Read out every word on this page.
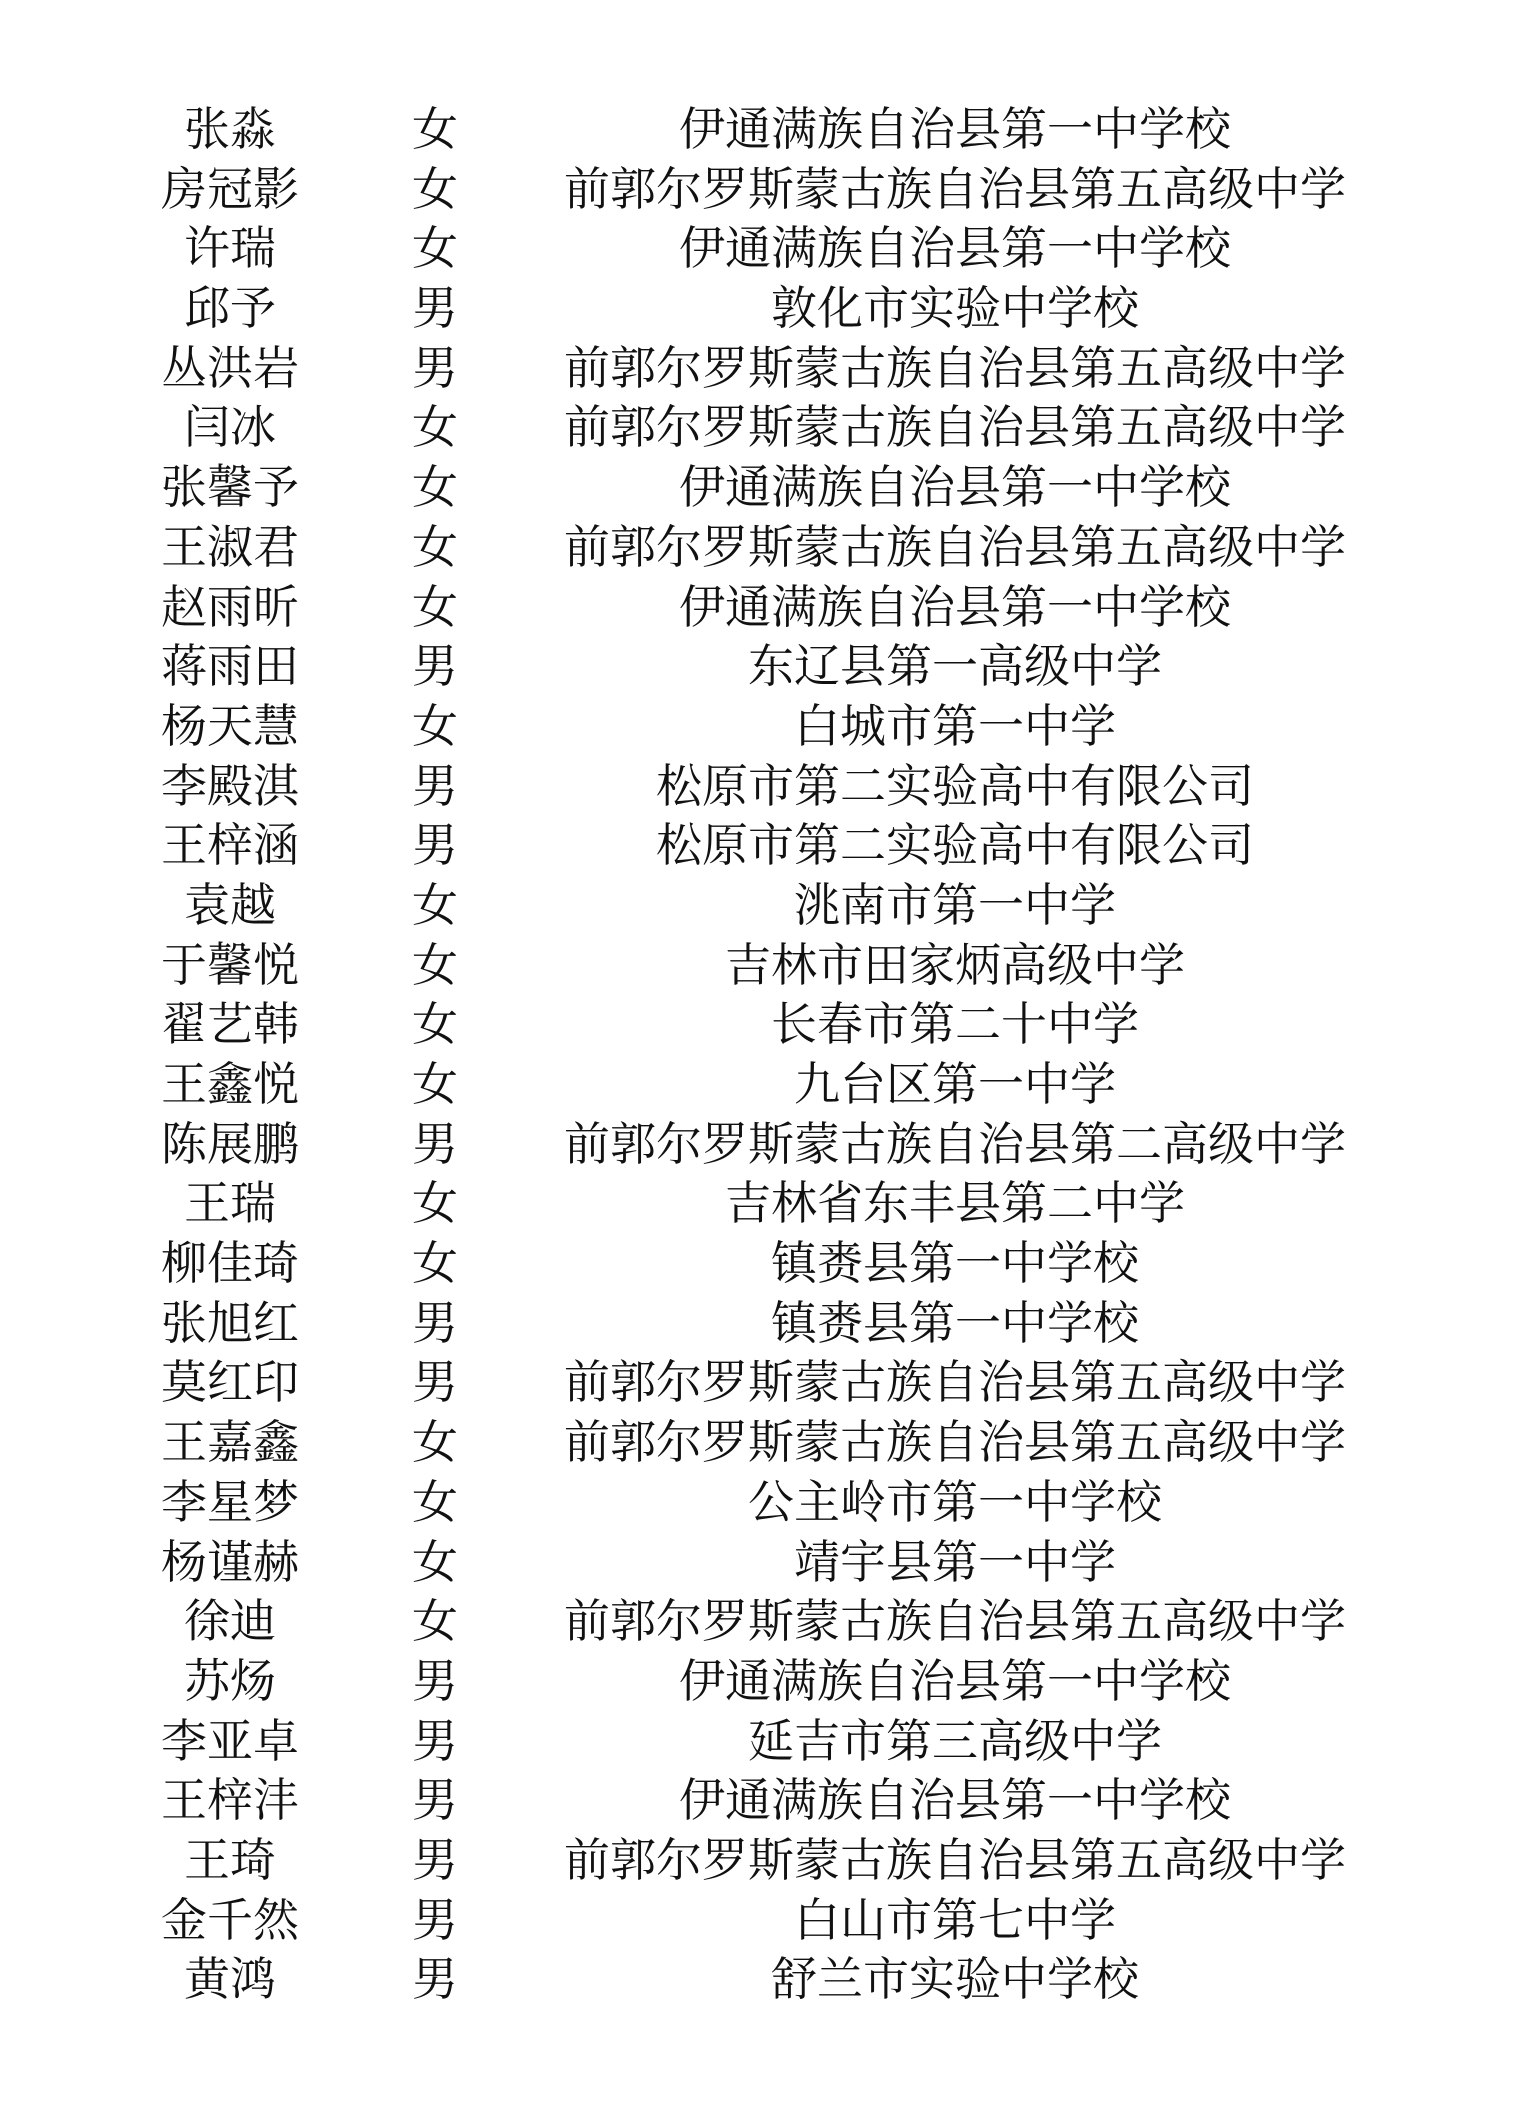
张淼	女	伊通满族自治县第一中学校
房冠影	女	前郭尔罗斯蒙古族自治县第五高级中学
许瑞	女	伊通满族自治县第一中学校
邱予	男	敦化市实验中学校
丛洪岩	男	前郭尔罗斯蒙古族自治县第五高级中学
闫冰	女	前郭尔罗斯蒙古族自治县第五高级中学
张馨予	女	伊通满族自治县第一中学校
王淑君	女	前郭尔罗斯蒙古族自治县第五高级中学
赵雨昕	女	伊通满族自治县第一中学校
蒋雨田	男	东辽县第一高级中学
杨天慧	女	白城市第一中学
李殿淇	男	松原市第二实验高中有限公司
王梓涵	男	松原市第二实验高中有限公司
袁越	女	洮南市第一中学
于馨悦	女	吉林市田家炳高级中学
翟艺韩	女	长春市第二十中学
王鑫悦	女	九台区第一中学
陈展鹏	男	前郭尔罗斯蒙古族自治县第二高级中学
王瑞	女	吉林省东丰县第二中学
柳佳琦	女	镇赉县第一中学校
张旭红	男	镇赉县第一中学校
莫红印	男	前郭尔罗斯蒙古族自治县第五高级中学
王嘉鑫	女	前郭尔罗斯蒙古族自治县第五高级中学
李星梦	女	公主岭市第一中学校
杨谨赫	女	靖宇县第一中学
徐迪	女	前郭尔罗斯蒙古族自治县第五高级中学
苏炀	男	伊通满族自治县第一中学校
李亚卓	男	延吉市第三高级中学
王梓沣	男	伊通满族自治县第一中学校
王琦	男	前郭尔罗斯蒙古族自治县第五高级中学
金千然	男	白山市第七中学
黄鸿	男	舒兰市实验中学校
